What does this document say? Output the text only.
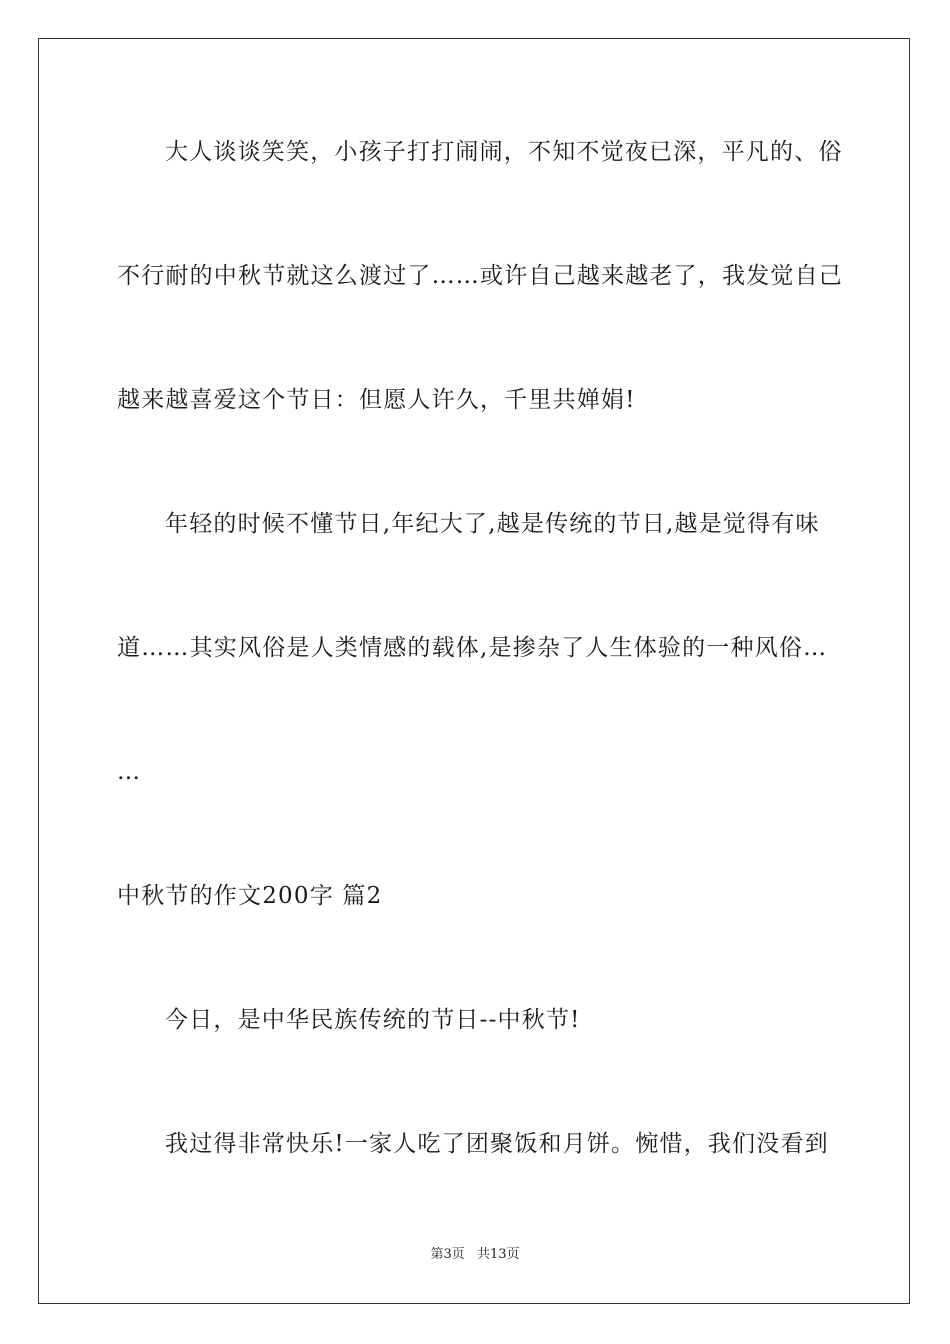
大人谈谈笑笑，小孩子打打闹闹，不知不觉夜已深，平凡的、俗
不行耐的中秋节就这么渡过了……或许自己越来越老了，我发觉自己
越来越喜爱这个节日：但愿人许久，千里共婵娟!
年轻的时候不懂节日,年纪大了,越是传统的节日,越是觉得有味
道……其实风俗是人类情感的载体,是掺杂了人生体验的一种风俗…
…
中秋节的作文200字 篇2
今日，是中华民族传统的节日--中秋节!
我过得非常快乐!一家人吃了团聚饭和月饼。惋惜，我们没看到
第3页 共13页
